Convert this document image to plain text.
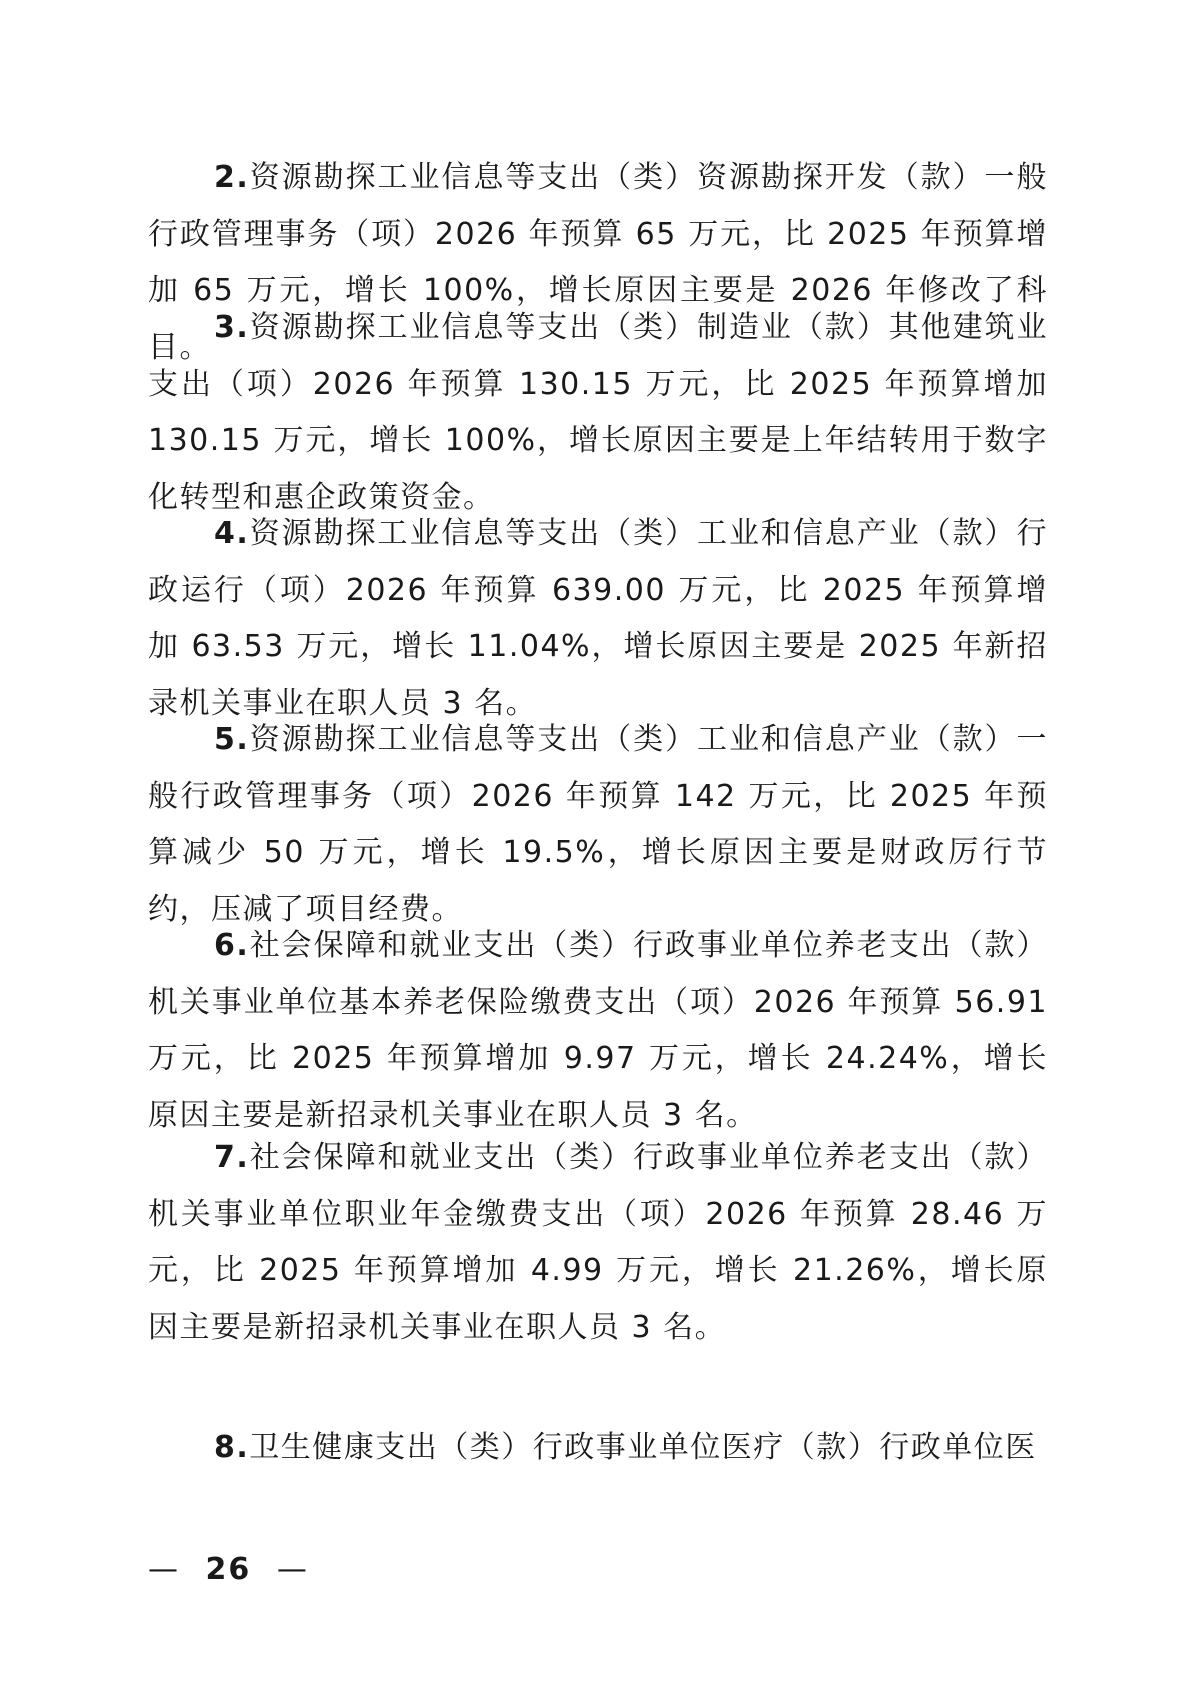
2.资源勘探工业信息等支出（类）资源勘探开发（款）一般行政管理事务（项）2026 年预算 65 万元，比 2025 年预算增加 65 万元，增长 100%，增长原因主要是 2026 年修改了科目。

3.资源勘探工业信息等支出（类）制造业（款）其他建筑业支出（项）2026 年预算 130.15 万元，比 2025 年预算增加 130.15 万元，增长 100%，增长原因主要是上年结转用于数字化转型和惠企政策资金。

4.资源勘探工业信息等支出（类）工业和信息产业（款）行政运行（项）2026 年预算 639.00 万元，比 2025 年预算增加 63.53 万元，增长 11.04%，增长原因主要是 2025 年新招录机关事业在职人员 3 名。

5.资源勘探工业信息等支出（类）工业和信息产业（款）一般行政管理事务（项）2026 年预算 142 万元，比 2025 年预算减少 50 万元，增长 19.5%，增长原因主要是财政厉行节约，压减了项目经费。

6.社会保障和就业支出（类）行政事业单位养老支出（款）机关事业单位基本养老保险缴费支出（项）2026 年预算 56.91 万元，比 2025 年预算增加 9.97 万元，增长 24.24%，增长原因主要是新招录机关事业在职人员 3 名。

7.社会保障和就业支出（类）行政事业单位养老支出（款）机关事业单位职业年金缴费支出（项）2026 年预算 28.46 万元，比 2025 年预算增加 4.99 万元，增长 21.26%，增长原因主要是新招录机关事业在职人员 3 名。

8.卫生健康支出（类）行政事业单位医疗（款）行政单位医

— 26 —
